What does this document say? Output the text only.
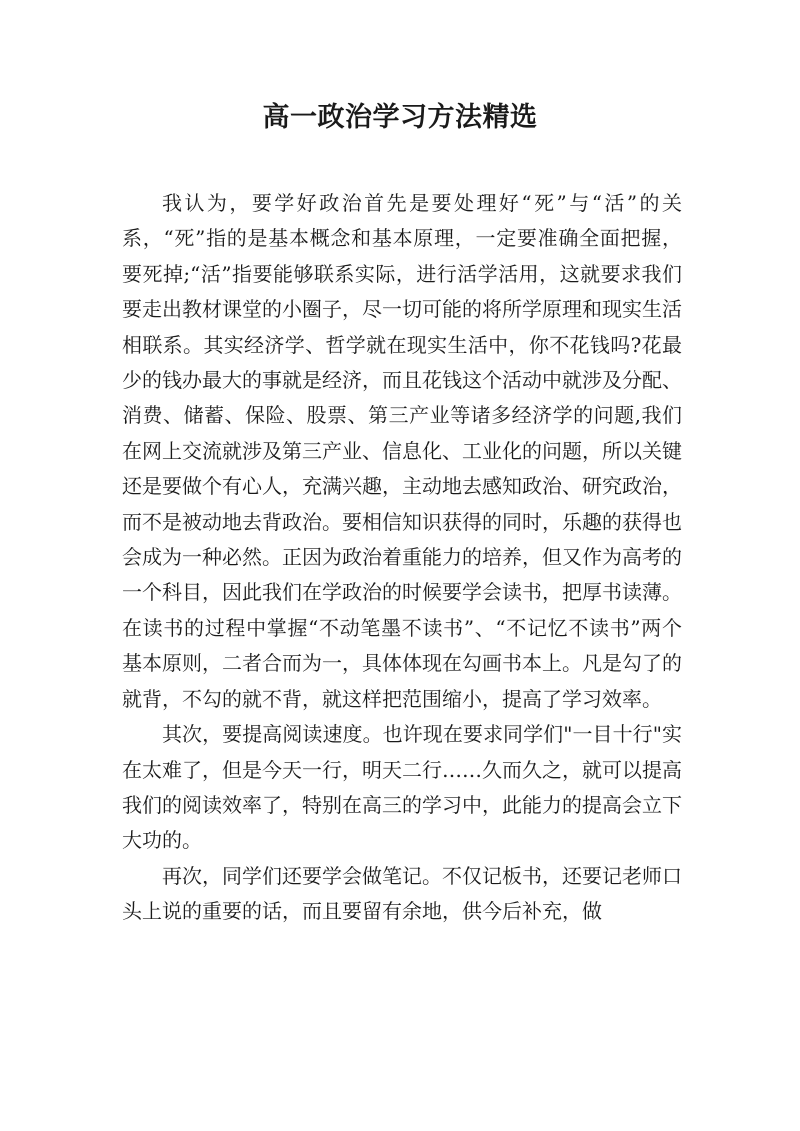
高一政治学习方法精选

我认为，要学好政治首先是要处理好“死”与“活”的关系，“死”指的是基本概念和基本原理，一定要准确全面把握，要死掉;“活”指要能够联系实际，进行活学活用，这就要求我们要走出教材课堂的小圈子，尽一切可能的将所学原理和现实生活相联系。其实经济学、哲学就在现实生活中，你不花钱吗?花最少的钱办最大的事就是经济，而且花钱这个活动中就涉及分配、消费、储蓄、保险、股票、第三产业等诸多经济学的问题,我们在网上交流就涉及第三产业、信息化、工业化的问题，所以关键还是要做个有心人，充满兴趣，主动地去感知政治、研究政治，而不是被动地去背政治。要相信知识获得的同时，乐趣的获得也会成为一种必然。正因为政治着重能力的培养，但又作为高考的一个科目，因此我们在学政治的时候要学会读书，把厚书读薄。在读书的过程中掌握“不动笔墨不读书”、“不记忆不读书”两个基本原则，二者合而为一，具体体现在勾画书本上。凡是勾了的就背，不勾的就不背，就这样把范围缩小，提高了学习效率。

其次，要提高阅读速度。也许现在要求同学们"一目十行"实在太难了，但是今天一行，明天二行……久而久之，就可以提高我们的阅读效率了，特别在高三的学习中，此能力的提高会立下大功的。

再次，同学们还要学会做笔记。不仅记板书，还要记老师口头上说的重要的话，而且要留有余地，供今后补充，做
